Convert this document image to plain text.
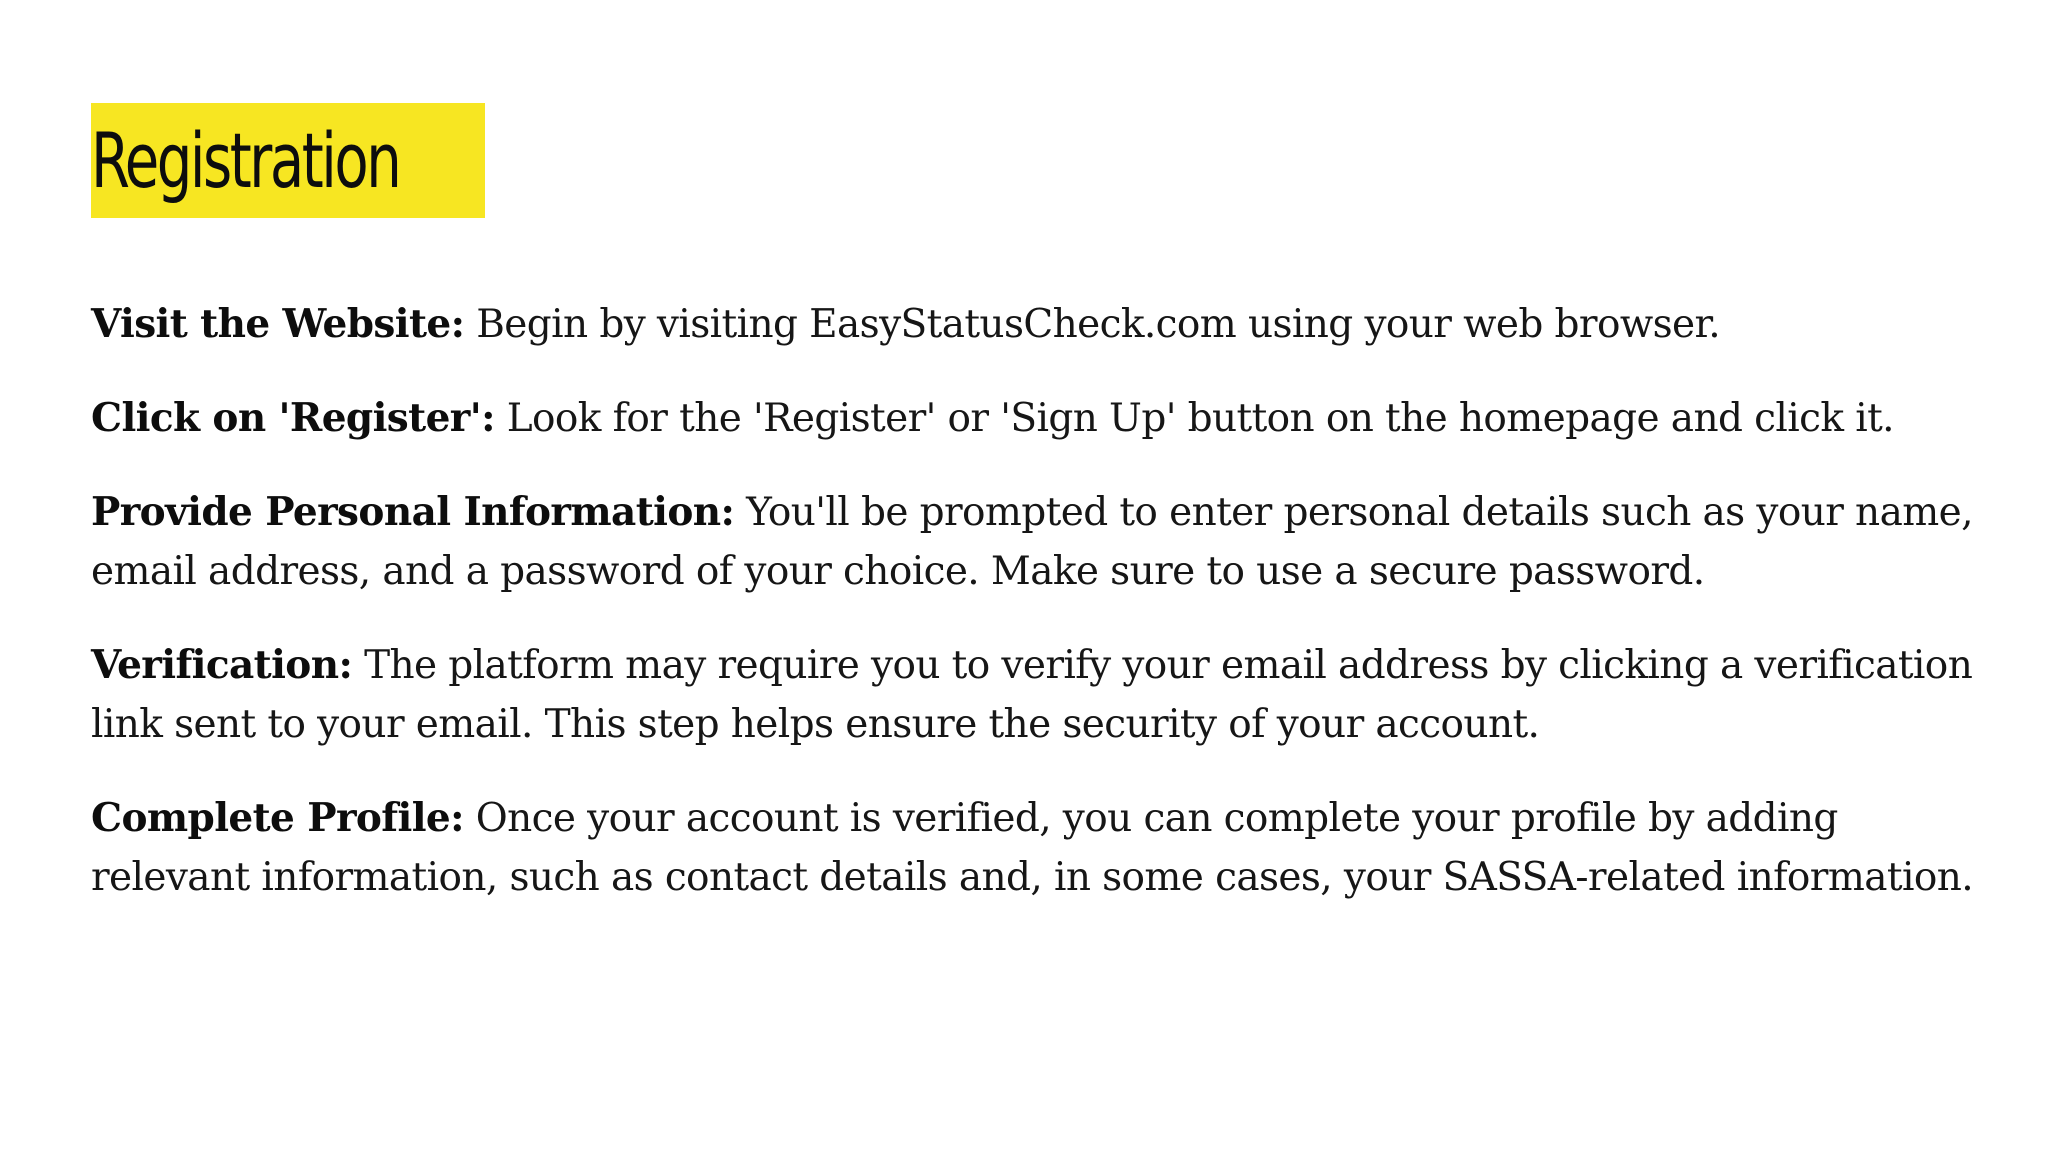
Registration

Visit the Website: Begin by visiting EasyStatusCheck.com using your web browser.

Click on 'Register': Look for the 'Register' or 'Sign Up' button on the homepage and click it.

Provide Personal Information: You'll be prompted to enter personal details such as your name, email address, and a password of your choice. Make sure to use a secure password.

Verification: The platform may require you to verify your email address by clicking a verification link sent to your email. This step helps ensure the security of your account.

Complete Profile: Once your account is verified, you can complete your profile by adding relevant information, such as contact details and, in some cases, your SASSA-related information.
